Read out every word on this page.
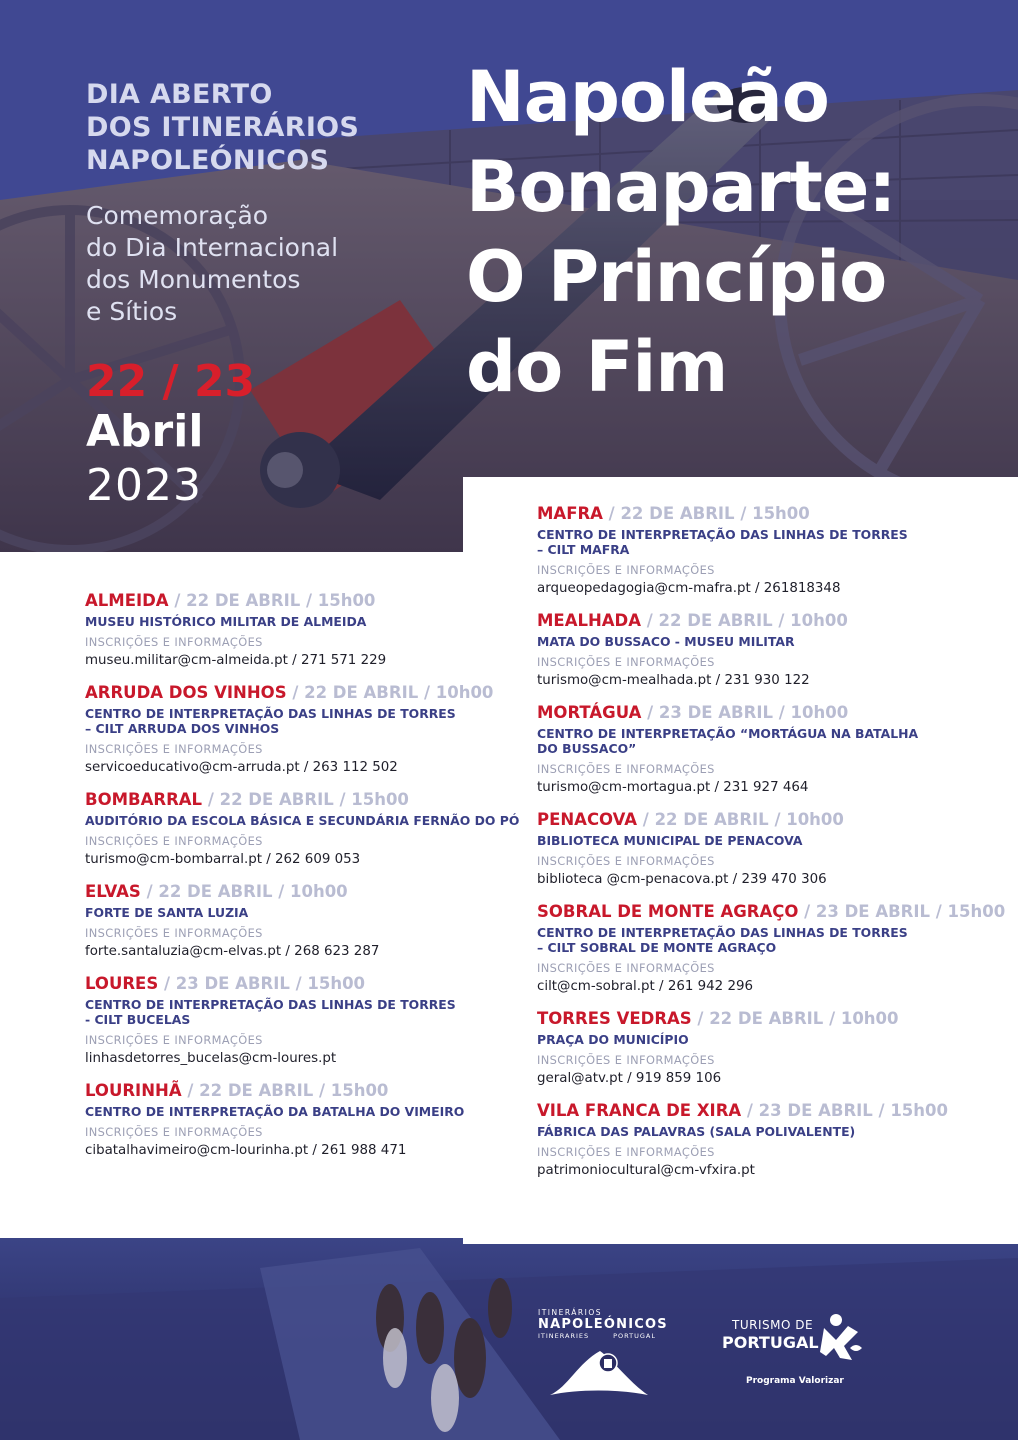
DIA ABERTO
DOS ITINERÁRIOS
NAPOLEÓNICOS
Comemoração
do Dia Internacional
dos Monumentos
e Sítios
22 / 23
Abril
2023
Napoleão
Bonaparte:
O Princípio
do Fim
ALMEIDA / 22 DE ABRIL / 15h00
MUSEU HISTÓRICO MILITAR DE ALMEIDA
INSCRIÇÕES E INFORMAÇÕES
museu.militar@cm-almeida.pt / 271 571 229
ARRUDA DOS VINHOS / 22 DE ABRIL / 10h00
CENTRO DE INTERPRETAÇÃO DAS LINHAS DE TORRES
– CILT ARRUDA DOS VINHOS
INSCRIÇÕES E INFORMAÇÕES
servicoeducativo@cm-arruda.pt / 263 112 502
BOMBARRAL / 22 DE ABRIL / 15h00
AUDITÓRIO DA ESCOLA BÁSICA E SECUNDÁRIA FERNÃO DO PÓ
INSCRIÇÕES E INFORMAÇÕES
turismo@cm-bombarral.pt / 262 609 053
ELVAS / 22 DE ABRIL / 10h00
FORTE DE SANTA LUZIA
INSCRIÇÕES E INFORMAÇÕES
forte.santaluzia@cm-elvas.pt / 268 623 287
LOURES / 23 DE ABRIL / 15h00
CENTRO DE INTERPRETAÇÃO DAS LINHAS DE TORRES
- CILT BUCELAS
INSCRIÇÕES E INFORMAÇÕES
linhasdetorres_bucelas@cm-loures.pt
LOURINHÃ / 22 DE ABRIL / 15h00
CENTRO DE INTERPRETAÇÃO DA BATALHA DO VIMEIRO
INSCRIÇÕES E INFORMAÇÕES
cibatalhavimeiro@cm-lourinha.pt / 261 988 471
MAFRA / 22 DE ABRIL / 15h00
CENTRO DE INTERPRETAÇÃO DAS LINHAS DE TORRES
– CILT MAFRA
INSCRIÇÕES E INFORMAÇÕES
arqueopedagogia@cm-mafra.pt / 261818348
MEALHADA / 22 DE ABRIL / 10h00
MATA DO BUSSACO - MUSEU MILITAR
INSCRIÇÕES E INFORMAÇÕES
turismo@cm-mealhada.pt / 231 930 122
MORTÁGUA / 23 DE ABRIL / 10h00
CENTRO DE INTERPRETAÇÃO “MORTÁGUA NA BATALHA
DO BUSSACO”
INSCRIÇÕES E INFORMAÇÕES
turismo@cm-mortagua.pt / 231 927 464
PENACOVA / 22 DE ABRIL / 10h00
BIBLIOTECA MUNICIPAL DE PENACOVA
INSCRIÇÕES E INFORMAÇÕES
biblioteca @cm-penacova.pt / 239 470 306
SOBRAL DE MONTE AGRAÇO / 23 DE ABRIL / 15h00
CENTRO DE INTERPRETAÇÃO DAS LINHAS DE TORRES
– CILT SOBRAL DE MONTE AGRAÇO
INSCRIÇÕES E INFORMAÇÕES
cilt@cm-sobral.pt / 261 942 296
TORRES VEDRAS / 22 DE ABRIL / 10h00
PRAÇA DO MUNICÍPIO
INSCRIÇÕES E INFORMAÇÕES
geral@atv.pt / 919 859 106
VILA FRANCA DE XIRA / 23 DE ABRIL / 15h00
FÁBRICA DAS PALAVRAS (SALA POLIVALENTE)
INSCRIÇÕES E INFORMAÇÕES
patrimoniocultural@cm-vfxira.pt
ITINERÁRIOS
NAPOLEÓNICOS
ITINERARIES	PORTUGAL
TURISMO DE
PORTUGAL
Programa Valorizar
